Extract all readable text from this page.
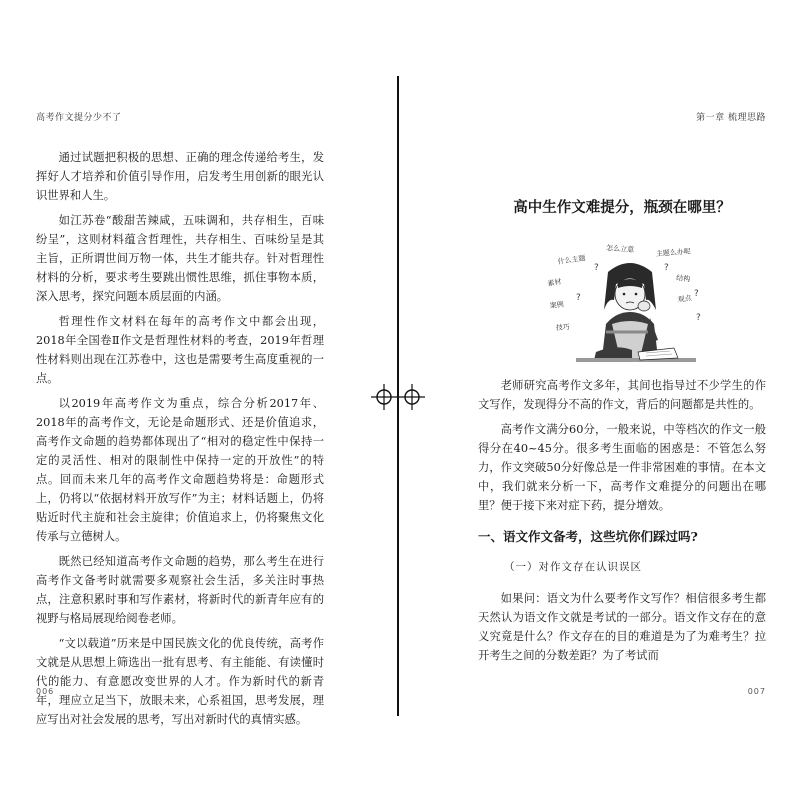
高考作文提分少不了

通过试题把积极的思想、正确的理念传递给考生，发挥好人才培养和价值引导作用，启发考生用创新的眼光认识世界和人生。

如江苏卷“酸甜苦辣咸，五味调和，共存相生，百味纷呈”，这则材料蕴含哲理性，共存相生、百味纷呈是其主旨，正所谓世间万物一体，共生才能共存。针对哲理性材料的分析，要求考生要跳出惯性思维，抓住事物本质，深入思考，探究问题本质层面的内涵。

哲理性作文材料在每年的高考作文中都会出现，2018年全国卷Ⅱ作文是哲理性材料的考查，2019年哲理性材料则出现在江苏卷中，这也是需要考生高度重视的一点。

以2019年高考作文为重点，综合分析2017年、2018年的高考作文，无论是命题形式、还是价值追求，高考作文命题的趋势都体现出了“相对的稳定性中保持一定的灵活性、相对的限制性中保持一定的开放性”的特点。回而未来几年的高考作文命题趋势将是：命题形式上，仍将以“依据材料开放写作”为主；材料话题上，仍将贴近时代主旋和社会主旋律；价值追求上，仍将聚焦文化传承与立德树人。

既然已经知道高考作文命题的趋势，那么考生在进行高考作文备考时就需要多观察社会生活，多关注时事热点，注意积累时事和写作素材，将新时代的新青年应有的视野与格局展现给阅卷老师。

“文以载道”历来是中国民族文化的优良传统，高考作文就是从思想上筛选出一批有思考、有主能能、有读懂时代的能力、有意愿改变世界的人才。作为新时代的新青年，理应立足当下，放眼未来，心系祖国，思考发展，理应写出对社会发展的思考，写出对新时代的真情实感。

006
第一章 梳理思路
007
高中生作文难提分，瓶颈在哪里？
什么主题
怎么立意	主题么办呢
素材	结构
案例
观点
技巧
?	?
?
?
?

老师研究高考作文多年，其间也指导过不少学生的作文写作，发现得分不高的作文，背后的问题都是共性的。

高考作文满分60分，一般来说，中等档次的作文一般得分在40~45分。很多考生面临的困惑是：不管怎么努力，作文突破50分好像总是一件非常困难的事情。在本文中，我们就来分析一下，高考作文难提分的问题出在哪里？便于接下来对症下药，提分增效。

一、语文作文备考，这些坑你们踩过吗?
（一）对作文存在认识误区

如果问：语文为什么要考作文写作？相信很多考生都天然认为语文作文就是考试的一部分。语文作文存在的意义究竟是什么？作文存在的目的难道是为了为难考生？拉开考生之间的分数差距？为了考试而
